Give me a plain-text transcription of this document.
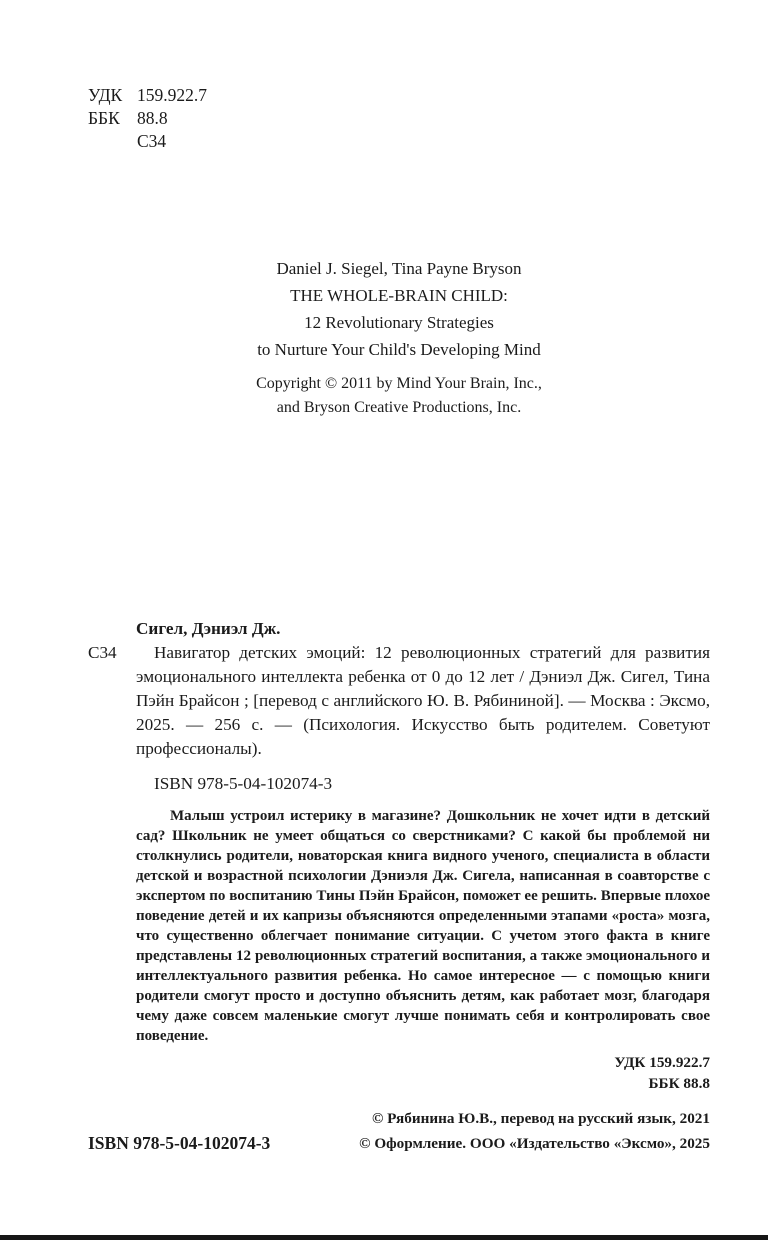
УДК 159.922.7
ББК 88.8
С34
Daniel J. Siegel, Tina Payne Bryson
THE WHOLE-BRAIN CHILD:
12 Revolutionary Strategies
to Nurture Your Child's Developing Mind
Copyright © 2011 by Mind Your Brain, Inc.,
and Bryson Creative Productions, Inc.
Сигел, Дэниэл Дж.
С34	Навигатор детских эмоций: 12 революционных стратегий для развития эмоционального интеллекта ребенка от 0 до 12 лет / Дэниэл Дж. Сигел, Тина Пэйн Брайсон ; [перевод с английского Ю. В. Рябининой]. — Москва : Эксмо, 2025. — 256 с. — (Психология. Искусство быть родителем. Советуют профессионалы).
ISBN 978-5-04-102074-3
Малыш устроил истерику в магазине? Дошкольник не хочет идти в детский сад? Школьник не умеет общаться со сверстниками? С какой бы проблемой ни столкнулись родители, новаторская книга видного ученого, специалиста в области детской и возрастной психологии Дэниэля Дж. Сигела, написанная в соавторстве с экспертом по воспитанию Тины Пэйн Брайсон, поможет ее решить. Впервые плохое поведение детей и их капризы объясняются определенными этапами «роста» мозга, что существенно облегчает понимание ситуации. С учетом этого факта в книге представлены 12 революционных стратегий воспитания, а также эмоционального и интеллектуального развития ребенка. Но самое интересное — с помощью книги родители смогут просто и доступно объяснить детям, как работает мозг, благодаря чему даже совсем маленькие смогут лучше понимать себя и контролировать свое поведение.
УДК 159.922.7
ББК 88.8
ISBN 978-5-04-102074-3
© Рябинина Ю.В., перевод на русский язык, 2021
© Оформление. ООО «Издательство «Эксмо», 2025
